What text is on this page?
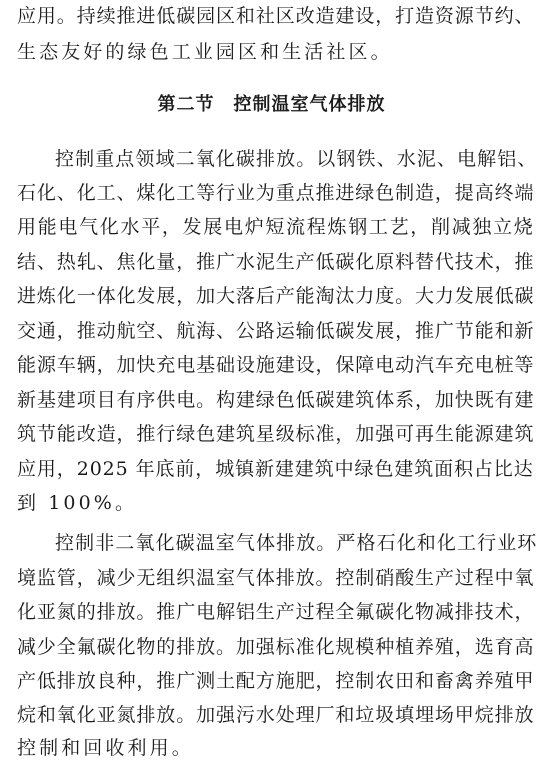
应用。持续推进低碳园区和社区改造建设，打造资源节约、
生态友好的绿色工业园区和生活社区。
第二节　控制温室气体排放
控制重点领域二氧化碳排放。以钢铁、水泥、电解铝、
石化、化工、煤化工等行业为重点推进绿色制造，提高终端
用能电气化水平，发展电炉短流程炼钢工艺，削减独立烧
结、热轧、焦化量，推广水泥生产低碳化原料替代技术，推
进炼化一体化发展，加大落后产能淘汰力度。大力发展低碳
交通，推动航空、航海、公路运输低碳发展，推广节能和新
能源车辆，加快充电基础设施建设，保障电动汽车充电桩等
新基建项目有序供电。构建绿色低碳建筑体系，加快既有建
筑节能改造，推行绿色建筑星级标准，加强可再生能源建筑
应用，2025 年底前，城镇新建建筑中绿色建筑面积占比达
到 100%。
控制非二氧化碳温室气体排放。严格石化和化工行业环
境监管，减少无组织温室气体排放。控制硝酸生产过程中氧
化亚氮的排放。推广电解铝生产过程全氟碳化物减排技术，
减少全氟碳化物的排放。加强标准化规模种植养殖，选育高
产低排放良种，推广测土配方施肥，控制农田和畜禽养殖甲
烷和氧化亚氮排放。加强污水处理厂和垃圾填埋场甲烷排放
控制和回收利用。
